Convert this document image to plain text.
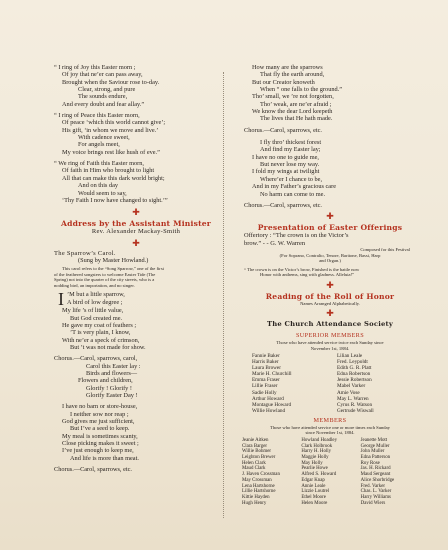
“ I ring of Joy this Easter morn ;
Of joy that ne’er can pass away,
Brought when the Saviour rose to-day.
Clear, strong, and pure
The sounds endure,
And every doubt and fear allay.”
“ I ring of Peace this Easter morn,
Of peace ‘which this world cannot give’;
His gift, ‘in whom we move and live.’
With cadence sweet,
For angels meet,
My voice brings rest like hush of eve.”
“ We ring of Faith this Easter morn,
Of faith in Him who brought to light
All that can make this dark world bright;
And on this day
Would seem to say,
‘Thy Faith I now have changed to sight.’”
✚
Address by the Assistant Minister
Rev. Alexander Mackay-Smith
✚
The Sparrow’s Carol.
(Sung by Master Howland.)
This carol refers to the “Song Sparrow,” one of the first
of the feathered songsters to welcome Easter Tide (The
Spring) not into the quarter of the city streets, who is a
nodding bird, an importation, and no singer.
I ’M but a little sparrow,
A bird of low degree ;
My life ’s of little value,
But God created me.
He gave my coat of feathers ;
’T is very plain, I know,
With ne’er a speck of crimson,
But ’t was not made for show.
Chorus.—Carol, sparrows, carol,
Carol this Easter lay :
Birds and flowers—
Flowers and children,
Glorify ! Glorify !
Glorify Easter Day !
I have no barn or store-house,
I neither sow nor reap ;
God gives me just sufficient,
But I’ve a seed to keep.
My meal is sometimes scanty,
Close picking makes it sweet ;
I’ve just enough to keep me,
And life is more than meat.
Chorus.—Carol, sparrows, etc.
How many are the sparrows
That fly the earth around,
But our Creator knoweth
When “ one falls to the ground.”
Tho’ small, we ’re not forgotten,
Tho’ weak, are ne’er afraid ;
We know the dear Lord keepeth
The lives that He hath made.
Chorus.—Carol, sparrows, etc.
I fly thro’ thickest forest
And find my Easter lay;
I have no one to guide me,
But never lose my way.
I fold my wings at twilight
Where’er I chance to be,
And in my Father’s gracious care
No harm can come to me.
Chorus.—Carol, sparrows, etc.
✚
Presentation of Easter Offerings
Offertory : “The crown is on the Victor’s
brow.” - - G. W. Warren
Composed for this Festival
(For Soprano, Contralto, Tenore, Baritone, Bassi, Harp
and Organ.)
“ The crown is on the Victor’s brow, Finished is the battle now
Honor with anthems, sing with gladness. Alleluia!”
✚
Reading of the Roll of Honor
Names Arranged Alphabetically.
✚
The Church Attendance Society
SUPERIOR MEMBERS
Those who have attended service twice each Sunday since
November 1st, 1884.
Fannie Baker
Harris Baker
Laura Brower
Marie H. Churchill
Emma Fraser
Lillie Fraser
Sadie Holly
Arthur Howard
Montague Howard
Willie Howland
Lilian Leale
Fred. Leypoldt
Edith G. R. Platt
Edna Robertson
Jessie Robertson
Mabel Varker
Amie Vose
May L. Warren
Cyrus R. Watson
Gertrude Wiswall
MEMBERS
Those who have attended service one or more times each Sunday
since November 1st, 1884.
Jeanie Aitken
Clara Barger
Willie Bohmer
Leighton Brewer
Helen Clark
Maud Clark
J. Haven Crossman
May Crossman
Lena Hartshorne
Lillie Hartshorne
Kittie Hayden
Hugh Henry
Howland Hoadley
Clark Holbrook
Harry H. Holly
Maggie Holly
May Holly
Pearlie Howe
Alfred S. Howard
Edgar Knap
Annie Leale
Lizzie Loutrel
Ethel Moore
Helen Moore
Jeanette Mott
George Muller
John Muller
Edna Patterson
Roy Rose
Jas. H. Rickard
Maud Sergeant
Alice Shorbridge
Fred. Varker
Chas. L. Varker
Harry Williams
David Wiers
